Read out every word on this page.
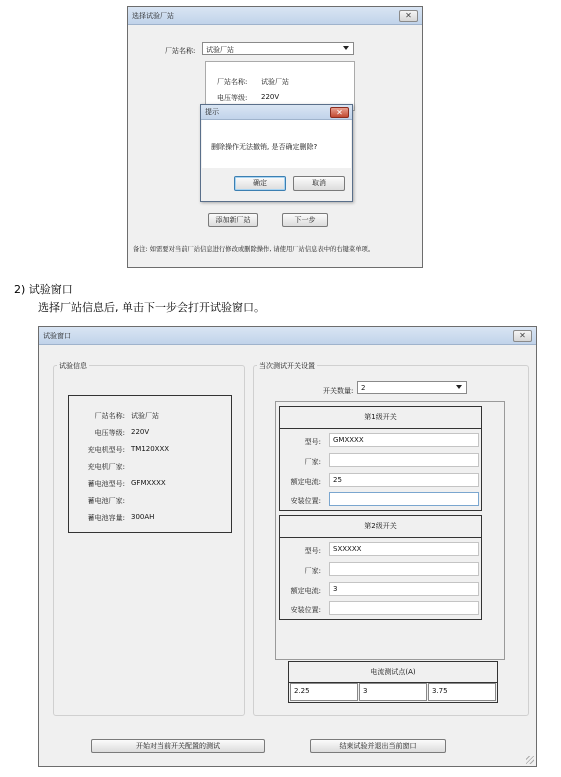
选择试验厂站	✕
厂站名称: 试验厂站
厂站名称: 试验厂站
电压等级: 220V
添加新厂站	下一步
备注: 如需要对当前厂站信息进行修改或删除操作, 请使用厂站信息表中的右键菜单项。
提示	✕
删除操作无法撤销, 是否确定删除?
确定	取消
2) 试验窗口
选择厂站信息后, 单击下一步会打开试验窗口。
试验窗口	✕
试验信息
厂站名称: 试验厂站
电压等级: 220V
充电机型号: TM120XXX
充电机厂家:
蓄电池型号: GFMXXXX
蓄电池厂家:
蓄电池容量: 300AH
当次测试开关设置
开关数量: 2
第1级开关
型号: GMXXXX
厂家:
额定电流: 25
安装位置:
第2级开关
型号: SXXXXX
厂家:
额定电流: 3
安装位置:
电流测试点(A)
2.25	3	3.75
开始对当前开关配置的测试	结束试验并退出当前窗口
